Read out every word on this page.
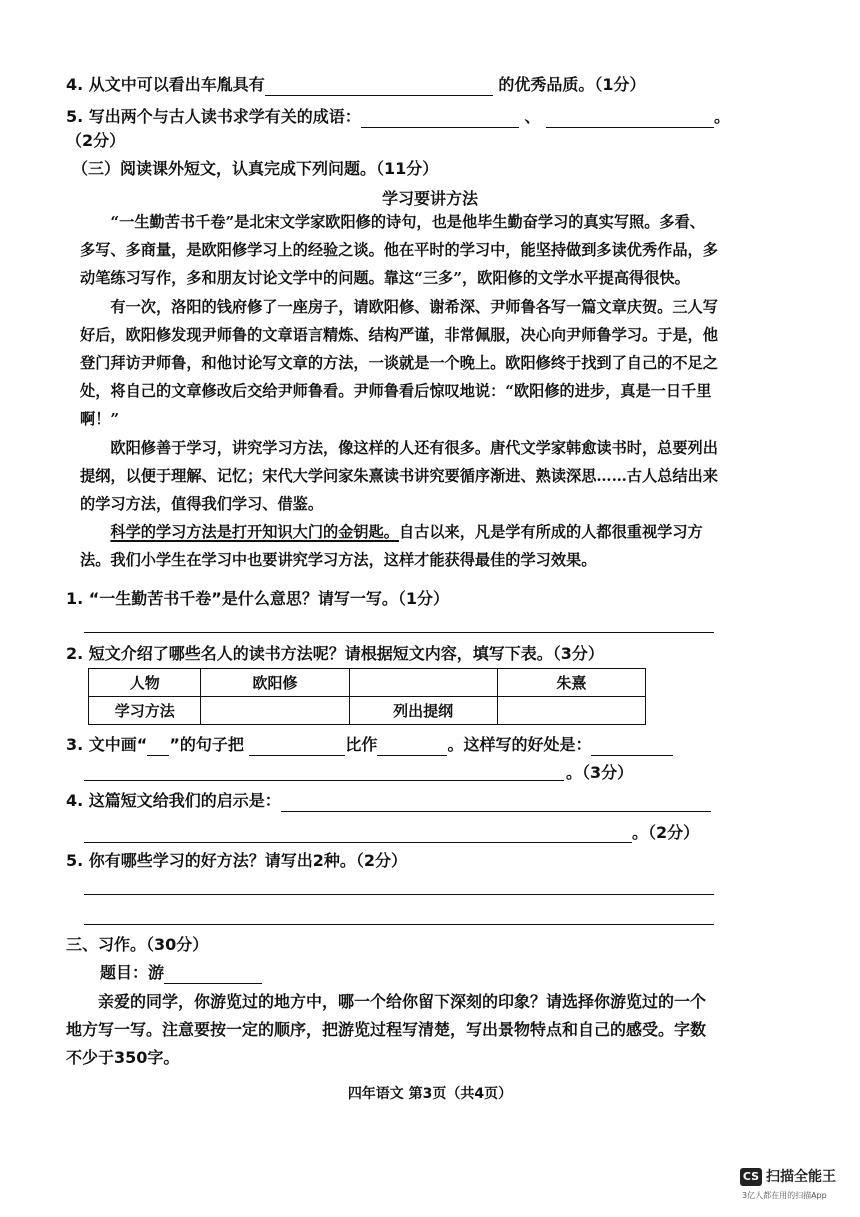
4. 从文中可以看出车胤具有	的优秀品质。（1分）
5. 写出两个与古人读书求学有关的成语：	、	。
（2分）
（三）阅读课外短文，认真完成下列问题。（11分）
学习要讲方法

“一生勤苦书千卷”是北宋文学家欧阳修的诗句，也是他毕生勤奋学习的真实写照。多看、多写、多商量，是欧阳修学习上的经验之谈。他在平时的学习中，能坚持做到多读优秀作品，多动笔练习写作，多和朋友讨论文学中的问题。靠这“三多”，欧阳修的文学水平提高得很快。

有一次，洛阳的钱府修了一座房子，请欧阳修、谢希深、尹师鲁各写一篇文章庆贺。三人写好后，欧阳修发现尹师鲁的文章语言精炼、结构严谨，非常佩服，决心向尹师鲁学习。于是，他登门拜访尹师鲁，和他讨论写文章的方法，一谈就是一个晚上。欧阳修终于找到了自己的不足之处，将自己的文章修改后交给尹师鲁看。尹师鲁看后惊叹地说：“欧阳修的进步，真是一日千里啊！”

欧阳修善于学习，讲究学习方法，像这样的人还有很多。唐代文学家韩愈读书时，总要列出提纲，以便于理解、记忆；宋代大学问家朱熹读书讲究要循序渐进、熟读深思……古人总结出来的学习方法，值得我们学习、借鉴。

科学的学习方法是打开知识大门的金钥匙。自古以来，凡是学有所成的人都很重视学习方法。我们小学生在学习中也要讲究学习方法，这样才能获得最佳的学习效果。

1. “一生勤苦书千卷”是什么意思？请写一写。（1分）
2. 短文介绍了哪些名人的读书方法呢？请根据短文内容，填写下表。（3分）
人物	欧阳修		朱熹
学习方法		列出提纲	
3. 文中画“ ”的句子把	比作	。这样写的好处是：
。（3分）
4. 这篇短文给我们的启示是：
。（2分）
5. 你有哪些学习的好方法？请写出2种。（2分）
三、习作。（30分）
题目：游
亲爱的同学，你游览过的地方中，哪一个给你留下深刻的印象？请选择你游览过的一个地方写一写。注意要按一定的顺序，把游览过程写清楚，写出景物特点和自己的感受。字数不少于350字。
四年语文 第3页（共4页）
CS 扫描全能王
3亿人都在用的扫描App
